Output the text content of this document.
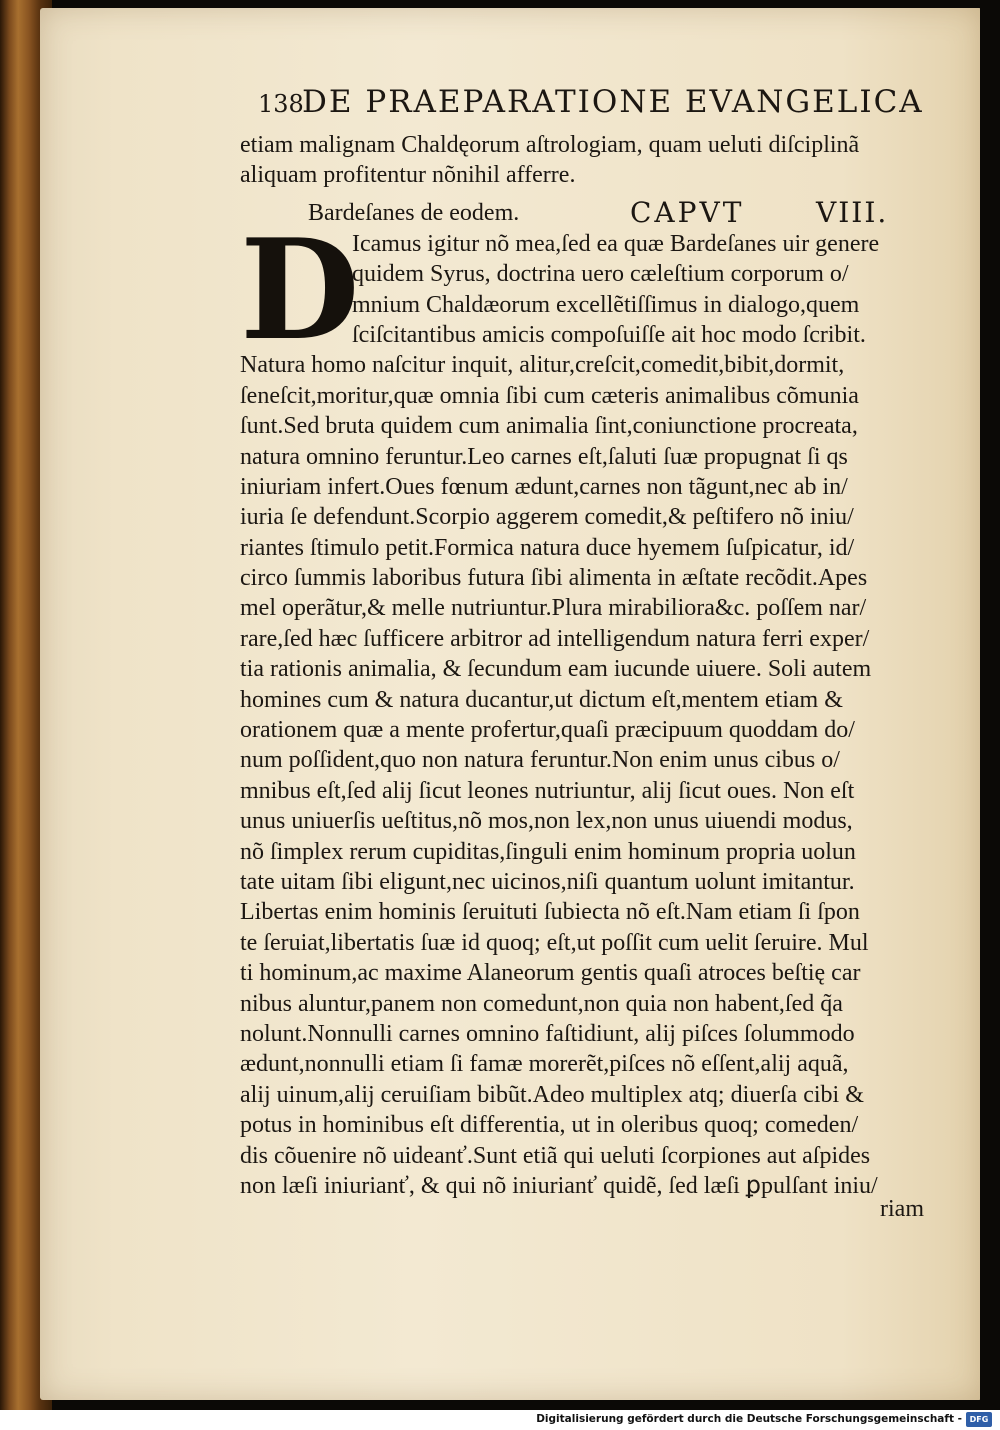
138
DE PRAEPARATIONE EVANGELICA
etiam malignam Chaldęorum aſtrologiam, quam ueluti diſciplinã
aliquam profitentur nõnihil afferre.
Bardeſanes de eodem.	CAPVT	VIII.
D
Icamus igitur nõ mea,ſed ea quæ Bardeſanes uir genere
quidem Syrus, doctrina uero cæleſtium corporum o/
mnium Chaldæorum excellẽtiſſimus in dialogo,quem
ſciſcitantibus amicis compoſuiſſe ait hoc modo ſcribit.
Natura homo naſcitur inquit, alitur,creſcit,comedit,bibit,dormit,
ſeneſcit,moritur,quæ omnia ſibi cum cæteris animalibus cõmunia
ſunt.Sed bruta quidem cum animalia ſint,coniunctione procreata,
natura omnino feruntur.Leo carnes eſt,ſaluti ſuæ propugnat ſi qs
iniuriam infert.Oues fœnum ædunt,carnes non tãgunt,nec ab in/
iuria ſe defendunt.Scorpio aggerem comedit,& peſtifero nõ iniu/
riantes ſtimulo petit.Formica natura duce hyemem ſuſpicatur, id/
circo ſummis laboribus futura ſibi alimenta in æſtate recõdit.Apes
mel operãtur,& melle nutriuntur.Plura mirabiliora&c. poſſem nar/
rare,ſed hæc ſufficere arbitror ad intelligendum natura ferri exper/
tia rationis animalia, & ſecundum eam iucunde uiuere. Soli autem
homines cum & natura ducantur,ut dictum eſt,mentem etiam &
orationem quæ a mente profertur,quaſi præcipuum quoddam do/
num poſſident,quo non natura feruntur.Non enim unus cibus o/
mnibus eſt,ſed alij ſicut leones nutriuntur, alij ſicut oues. Non eſt
unus uniuerſis ueſtitus,nõ mos,non lex,non unus uiuendi modus,
nõ ſimplex rerum cupiditas,ſinguli enim hominum propria uolun
tate uitam ſibi eligunt,nec uicinos,niſi quantum uolunt imitantur.
Libertas enim hominis ſeruituti ſubiecta nõ eſt.Nam etiam ſi ſpon
te ſeruiat,libertatis ſuæ id quoq; eſt,ut poſſit cum uelit ſeruire. Mul
ti hominum,ac maxime Alaneorum gentis quaſi atroces beſtię car
nibus aluntur,panem non comedunt,non quia non habent,ſed q̃a
nolunt.Nonnulli carnes omnino faſtidiunt, alij piſces ſolummodo
ædunt,nonnulli etiam ſi famæ morerẽt,piſces nõ eſſent,alij aquã,
alij uinum,alij ceruiſiam bibũt.Adeo multiplex atq; diuerſa cibi &
potus in hominibus eſt differentia, ut in oleribus quoq; comeden/
dis cõuenire nõ uideanť.Sunt etiã qui ueluti ſcorpiones aut aſpides
non læſi iniurianť, & qui nõ iniurianť quidẽ, ſed læſi ꝑpulſant iniu/
riam
Digitalisierung gefördert durch die Deutsche Forschungsgemeinschaft - DFG
